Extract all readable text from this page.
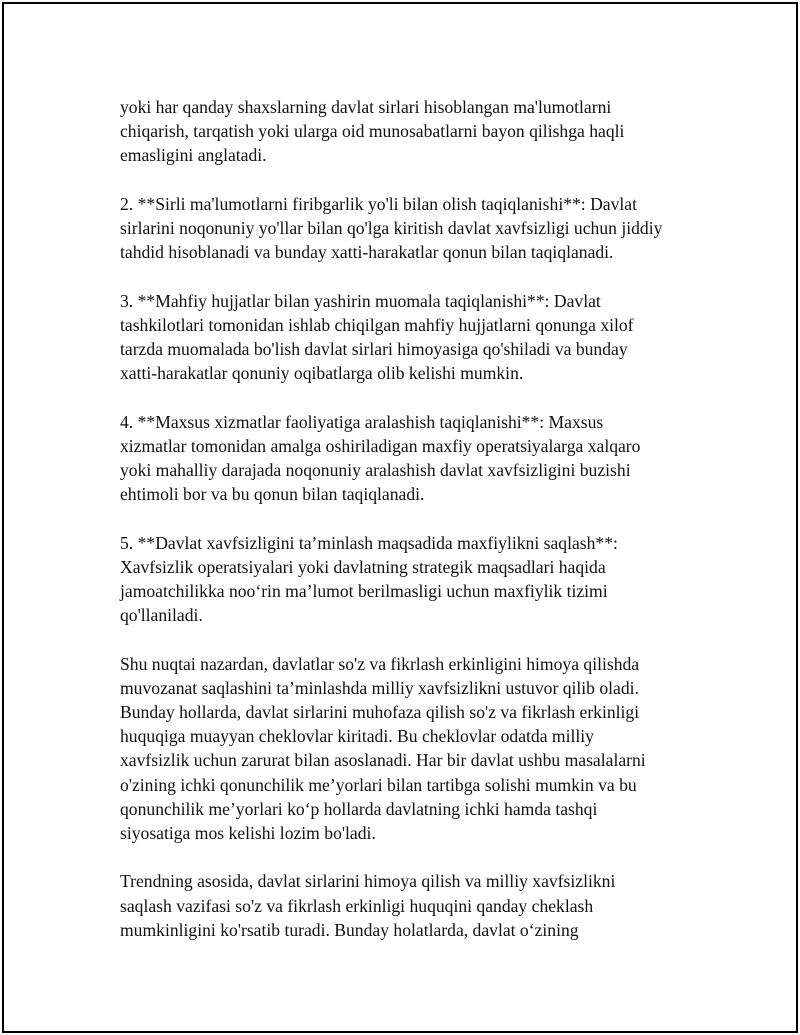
yoki har qanday shaxslarning davlat sirlari hisoblangan ma'lumotlarni
chiqarish, tarqatish yoki ularga oid munosabatlarni bayon qilishga haqli
emasligini anglatadi.

2. **Sirli ma'lumotlarni firibgarlik yo'li bilan olish taqiqlanishi**: Davlat
sirlarini noqonuniy yo'llar bilan qo'lga kiritish davlat xavfsizligi uchun jiddiy
tahdid hisoblanadi va bunday xatti-harakatlar qonun bilan taqiqlanadi.

3. **Mahfiy hujjatlar bilan yashirin muomala taqiqlanishi**: Davlat
tashkilotlari tomonidan ishlab chiqilgan mahfiy hujjatlarni qonunga xilof
tarzda muomalada bo'lish davlat sirlari himoyasiga qo'shiladi va bunday
xatti-harakatlar qonuniy oqibatlarga olib kelishi mumkin.

4. **Maxsus xizmatlar faoliyatiga aralashish taqiqlanishi**: Maxsus
xizmatlar tomonidan amalga oshiriladigan maxfiy operatsiyalarga xalqaro
yoki mahalliy darajada noqonuniy aralashish davlat xavfsizligini buzishi
ehtimoli bor va bu qonun bilan taqiqlanadi.

5. **Davlat xavfsizligini ta’minlash maqsadida maxfiylikni saqlash**:
Xavfsizlik operatsiyalari yoki davlatning strategik maqsadlari haqida
jamoatchilikka noo‘rin ma’lumot berilmasligi uchun maxfiylik tizimi
qo'llaniladi.

Shu nuqtai nazardan, davlatlar so'z va fikrlash erkinligini himoya qilishda
muvozanat saqlashini ta’minlashda milliy xavfsizlikni ustuvor qilib oladi.
Bunday hollarda, davlat sirlarini muhofaza qilish so'z va fikrlash erkinligi
huquqiga muayyan cheklovlar kiritadi. Bu cheklovlar odatda milliy
xavfsizlik uchun zarurat bilan asoslanadi. Har bir davlat ushbu masalalarni
o'zining ichki qonunchilik me’yorlari bilan tartibga solishi mumkin va bu
qonunchilik me’yorlari ko‘p hollarda davlatning ichki hamda tashqi
siyosatiga mos kelishi lozim bo'ladi.

Trendning asosida, davlat sirlarini himoya qilish va milliy xavfsizlikni
saqlash vazifasi so'z va fikrlash erkinligi huquqini qanday cheklash
mumkinligini ko'rsatib turadi. Bunday holatlarda, davlat o‘zining
